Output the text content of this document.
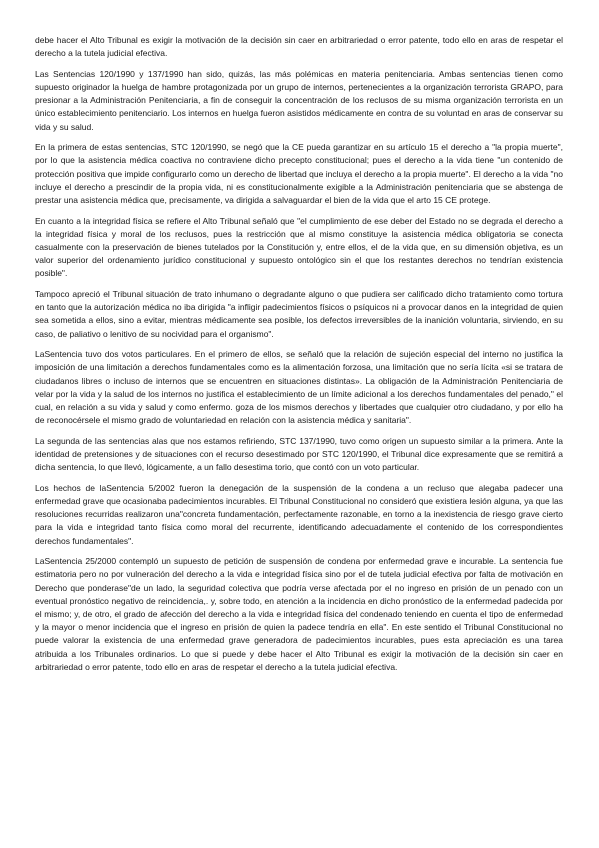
debe hacer el Alto Tribunal es exigir la motivación de la decisión sin caer en arbitrariedad o error patente, todo ello en aras de respetar el derecho a la tutela judicial efectiva.

Las Sentencias 120/1990 y 137/1990 han sido, quizás, las más polémicas en materia penitenciaria. Ambas sentencias tienen como supuesto originador la huelga de hambre protagonizada por un grupo de internos, pertenecientes a la organización terrorista GRAPO, para presionar a la Administración Penitenciaria, a fin de conseguir la concentración de los reclusos de su misma organización terrorista en un único establecimiento penitenciario. Los internos en huelga fueron asistidos médicamente en contra de su voluntad en aras de conservar su vida y su salud.

En la primera de estas sentencias, STC 120/1990, se negó que la CE pueda garantizar en su artículo 15 el derecho a "la propia muerte", por lo que la asistencia médica coactiva no contraviene dicho precepto constitucional; pues el derecho a la vida tiene "un contenido de protección positiva que impide configurarlo como un derecho de libertad que incluya el derecho a la propia muerte". El derecho a la vida "no incluye el derecho a prescindir de la propia vida, ni es constitucionalmente exigible a la Administración penitenciaria que se abstenga de prestar una asistencia médica que, precisamente, va dirigida a salvaguardar el bien de la vida que el arto 15 CE protege.

En cuanto a la integridad física se refiere el Alto Tribunal señaló que "el cumplimiento de ese deber del Estado no se degrada el derecho a la integridad física y moral de los reclusos, pues la restricción que al mismo constituye la asistencia médica obligatoria se conecta casualmente con la preservación de bienes tutelados por la Constitución y, entre ellos, el de la vida que, en su dimensión objetiva, es un valor superior del ordenamiento jurídico constitucional y supuesto ontológico sin el que los restantes derechos no tendrían existencia posible".

Tampoco apreció el Tribunal situación de trato inhumano o degradante alguno o que pudiera ser calificado dicho tratamiento como tortura en tanto que la autorización médica no iba dirigida "a infligir padecimientos físicos o psíquicos ni a provocar danos en la integridad de quien sea sometida a ellos, sino a evitar, mientras médicamente sea posible, los defectos irreversibles de la inanición voluntaria, sirviendo, en su caso, de paliativo o lenitivo de su nocividad para el organismo".

LaSentencia tuvo dos votos particulares. En el primero de ellos, se señaló que la relación de sujeción especial del interno no justifica la imposición de una limitación a derechos fundamentales como es la alimentación forzosa, una limitación que no sería lícita «si se tratara de ciudadanos libres o incluso de internos que se encuentren en situaciones distintas». La obligación de la Administración Penitenciaria de velar por la vida y la salud de los internos no justifica el establecimiento de un límite adicional a los derechos fundamentales del penado," el cual, en relación a su vida y salud y como enfermo. goza de los mismos derechos y libertades que cualquier otro ciudadano, y por ello ha de reconocérsele el mismo grado de voluntariedad en relación con la asistencia médica y sanitaria".

La segunda de las sentencias alas que nos estamos refiriendo, STC 137/1990, tuvo como origen un supuesto similar a la primera. Ante la identidad de pretensiones y de situaciones con el recurso desestimado por STC 120/1990, el Tribunal dice expresamente que se remitirá a dicha sentencia, lo que llevó, lógicamente, a un fallo desestima torio, que contó con un voto particular.

Los hechos de laSentencia 5/2002 fueron la denegación de la suspensión de la condena a un recluso que alegaba padecer una enfermedad grave que ocasionaba padecimientos incurables. El Tribunal Constitucional no consideró que existiera lesión alguna, ya que las resoluciones recurridas realizaron una"concreta fundamentación, perfectamente razonable, en torno a la inexistencia de riesgo grave cierto para la vida e integridad tanto física como moral del recurrente, identificando adecuadamente el contenido de los correspondientes derechos fundamentales".

LaSentencia 25/2000 contempló un supuesto de petición de suspensión de condena por enfermedad grave e incurable. La sentencia fue estimatoria pero no por vulneración del derecho a la vida e integridad física sino por el de tutela judicial efectiva por falta de motivación en Derecho que ponderase"de un lado, la seguridad colectiva que podría verse afectada por el no ingreso en prisión de un penado con un eventual pronóstico negativo de reincidencia,. y, sobre todo, en atención a la incidencia en dicho pronóstico de la enfermedad padecida por el mismo; y, de otro, el grado de afección del derecho a la vida e integridad física del condenado teniendo en cuenta el tipo de enfermedad y la mayor o menor incidencia que el ingreso en prisión de quien la padece tendría en ella". En este sentido el Tribunal Constitucional no puede valorar la existencia de una enfermedad grave generadora de padecimientos incurables, pues esta apreciación es una tarea atribuida a los Tribunales ordinarios. Lo que si puede y debe hacer el Alto Tribunal es exigir la motivación de la decisión sin caer en arbitrariedad o error patente, todo ello en aras de respetar el derecho a la tutela judicial efectiva.
